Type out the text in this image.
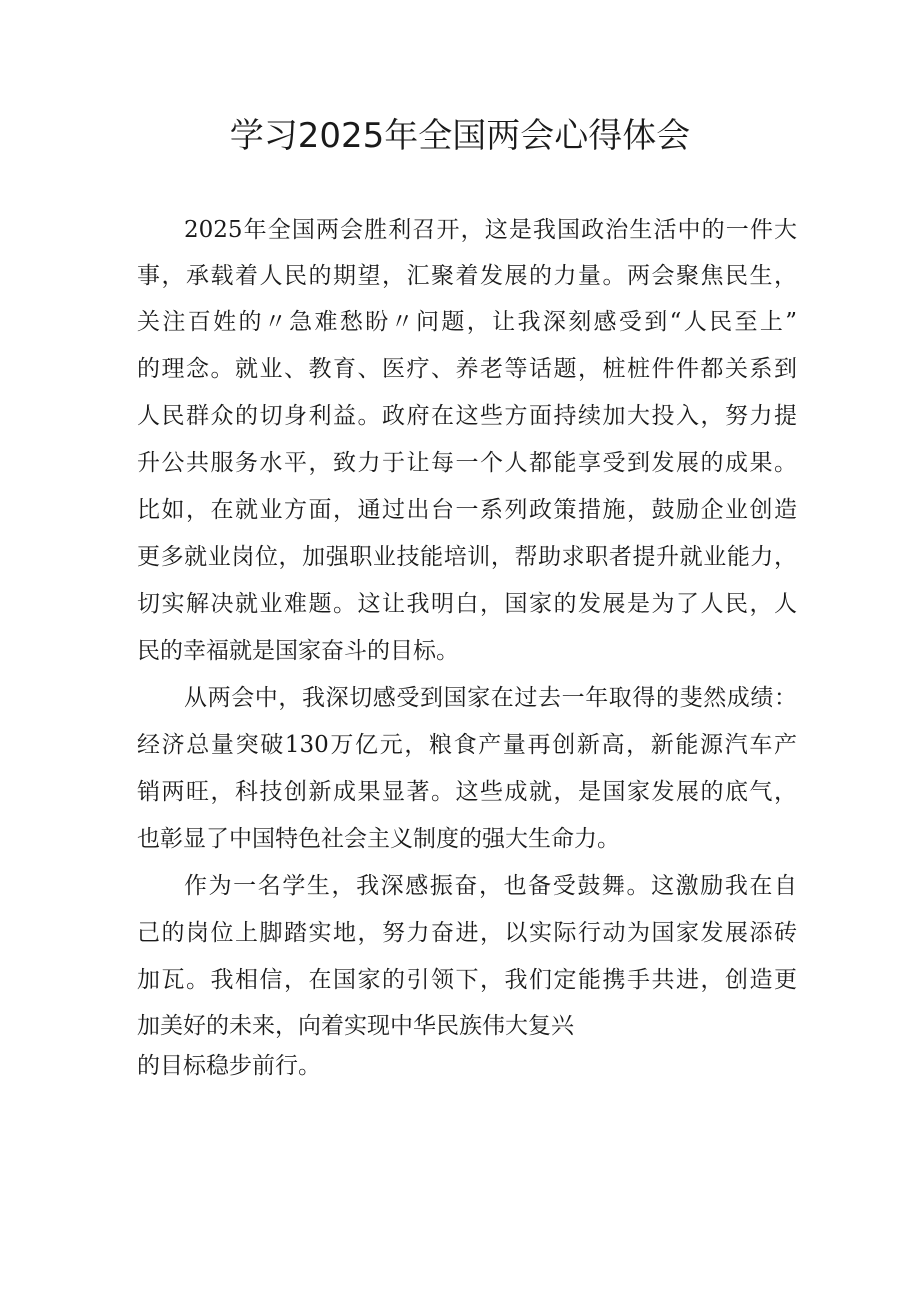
学习2025年全国两会心得体会
2025年全国两会胜利召开，这是我国政治生活中的一件大
事，承载着人民的期望，汇聚着发展的力量。两会聚焦民生，
关注百姓的〃急难愁盼〃问题，让我深刻感受到“人民至上”
的理念。就业、教育、医疗、养老等话题，桩桩件件都关系到
人民群众的切身利益。政府在这些方面持续加大投入，努力提
升公共服务水平，致力于让每一个人都能享受到发展的成果。
比如，在就业方面，通过出台一系列政策措施，鼓励企业创造
更多就业岗位，加强职业技能培训，帮助求职者提升就业能力，
切实解决就业难题。这让我明白，国家的发展是为了人民，人
民的幸福就是国家奋斗的目标。
从两会中，我深切感受到国家在过去一年取得的斐然成绩：
经济总量突破130万亿元，粮食产量再创新高，新能源汽车产
销两旺，科技创新成果显著。这些成就，是国家发展的底气，
也彰显了中国特色社会主义制度的强大生命力。
作为一名学生，我深感振奋，也备受鼓舞。这激励我在自
己的岗位上脚踏实地，努力奋进，以实际行动为国家发展添砖
加瓦。我相信，在国家的引领下，我们定能携手共进，创造更
加美好的未来，向着实现中华民族伟大复兴
的目标稳步前行。
